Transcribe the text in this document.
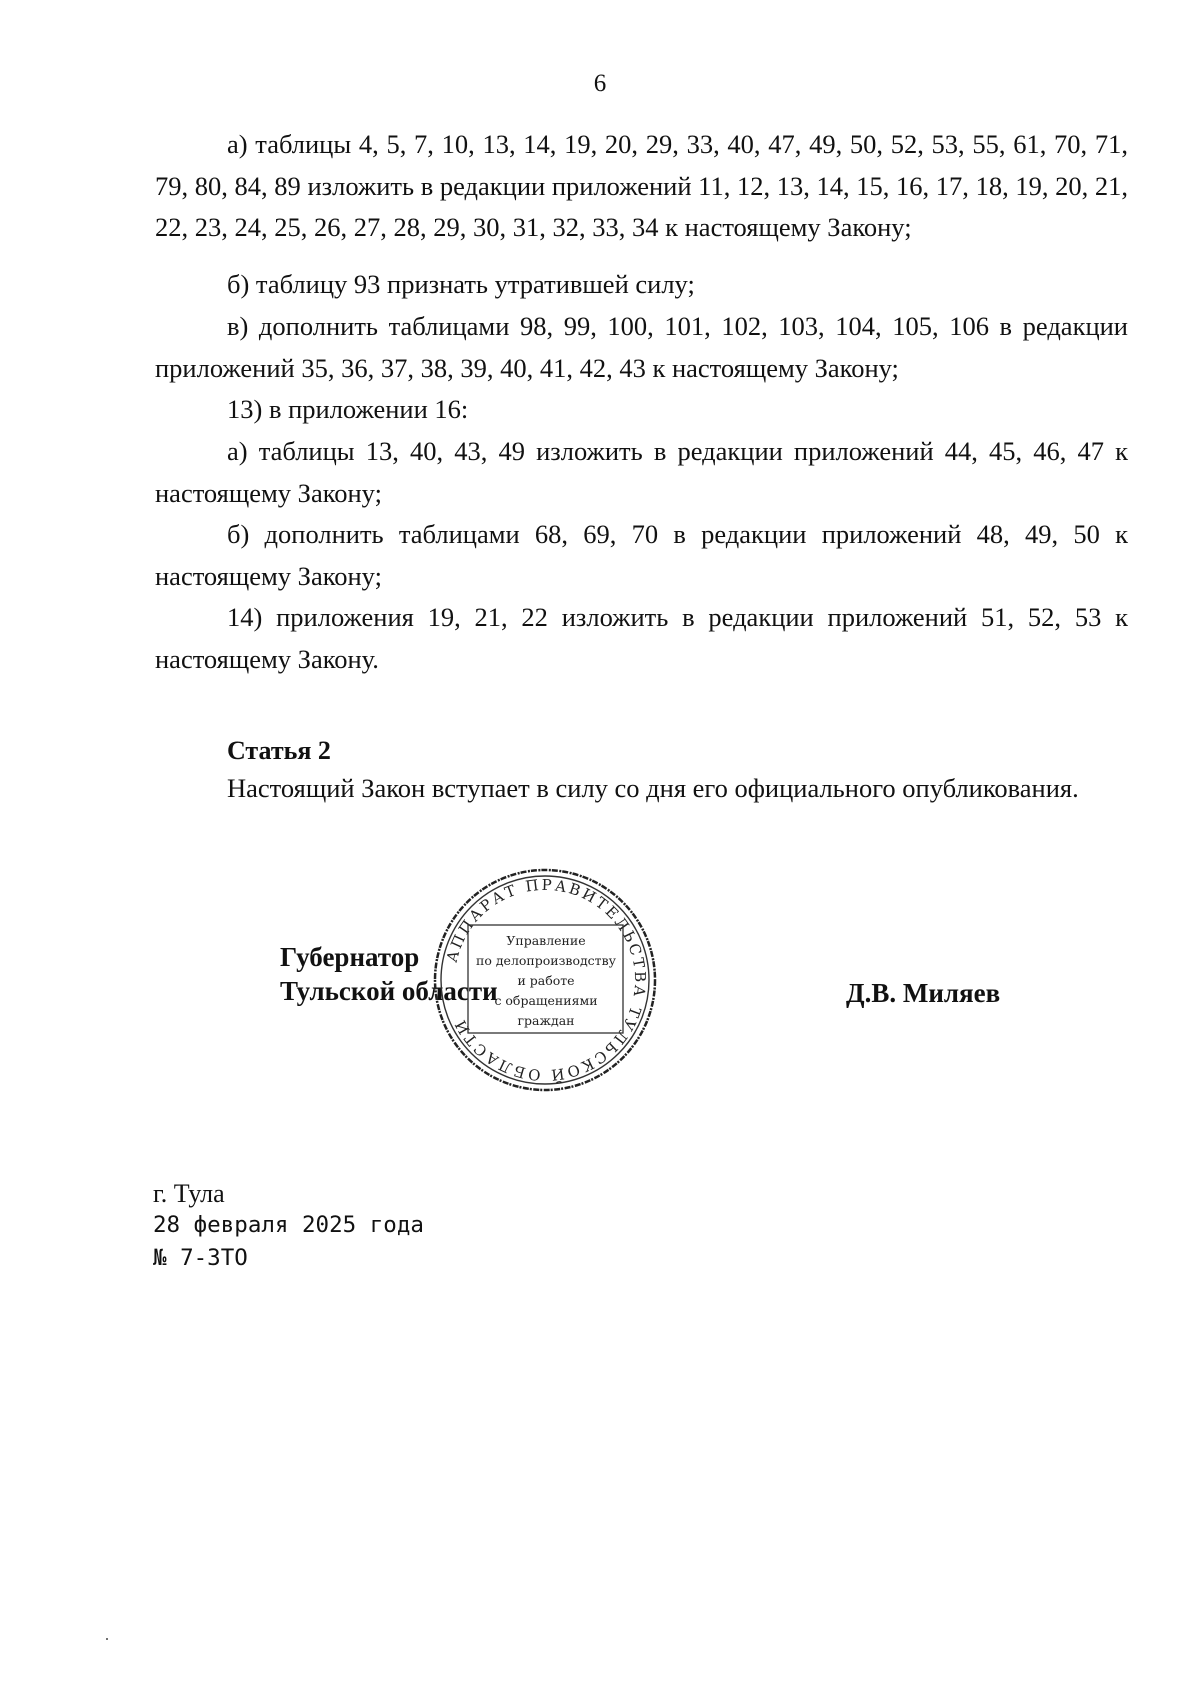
6

а) таблицы 4, 5, 7, 10, 13, 14, 19, 20, 29, 33, 40, 47, 49, 50, 52, 53, 55, 61, 70, 71, 79, 80, 84, 89 изложить в редакции приложений 11, 12, 13, 14, 15, 16, 17, 18, 19, 20, 21, 22, 23, 24, 25, 26, 27, 28, 29, 30, 31, 32, 33, 34 к настоящему Закону;

б) таблицу 93 признать утратившей силу;

в) дополнить таблицами 98, 99, 100, 101, 102, 103, 104, 105, 106 в редакции приложений 35, 36, 37, 38, 39, 40, 41, 42, 43 к настоящему Закону;

13) в приложении 16:

а) таблицы 13, 40, 43, 49 изложить в редакции приложений 44, 45, 46, 47 к настоящему Закону;

б) дополнить таблицами 68, 69, 70 в редакции приложений 48, 49, 50 к настоящему Закону;

14) приложения 19, 21, 22 изложить в редакции приложений 51, 52, 53 к настоящему Закону.

Статья 2

Настоящий Закон вступает в силу со дня его официального опубликования.

Губернатор
Тульской области	Д.В. Миляев
АППАРАТ ПРАВИТЕЛЬСТВА ТУЛЬСКОЙ ОБЛАСТИ
Управление
по делопроизводству
и работе
с обращениями
граждан
г. Тула
28 февраля 2025 года
№ 7-ЗТО
